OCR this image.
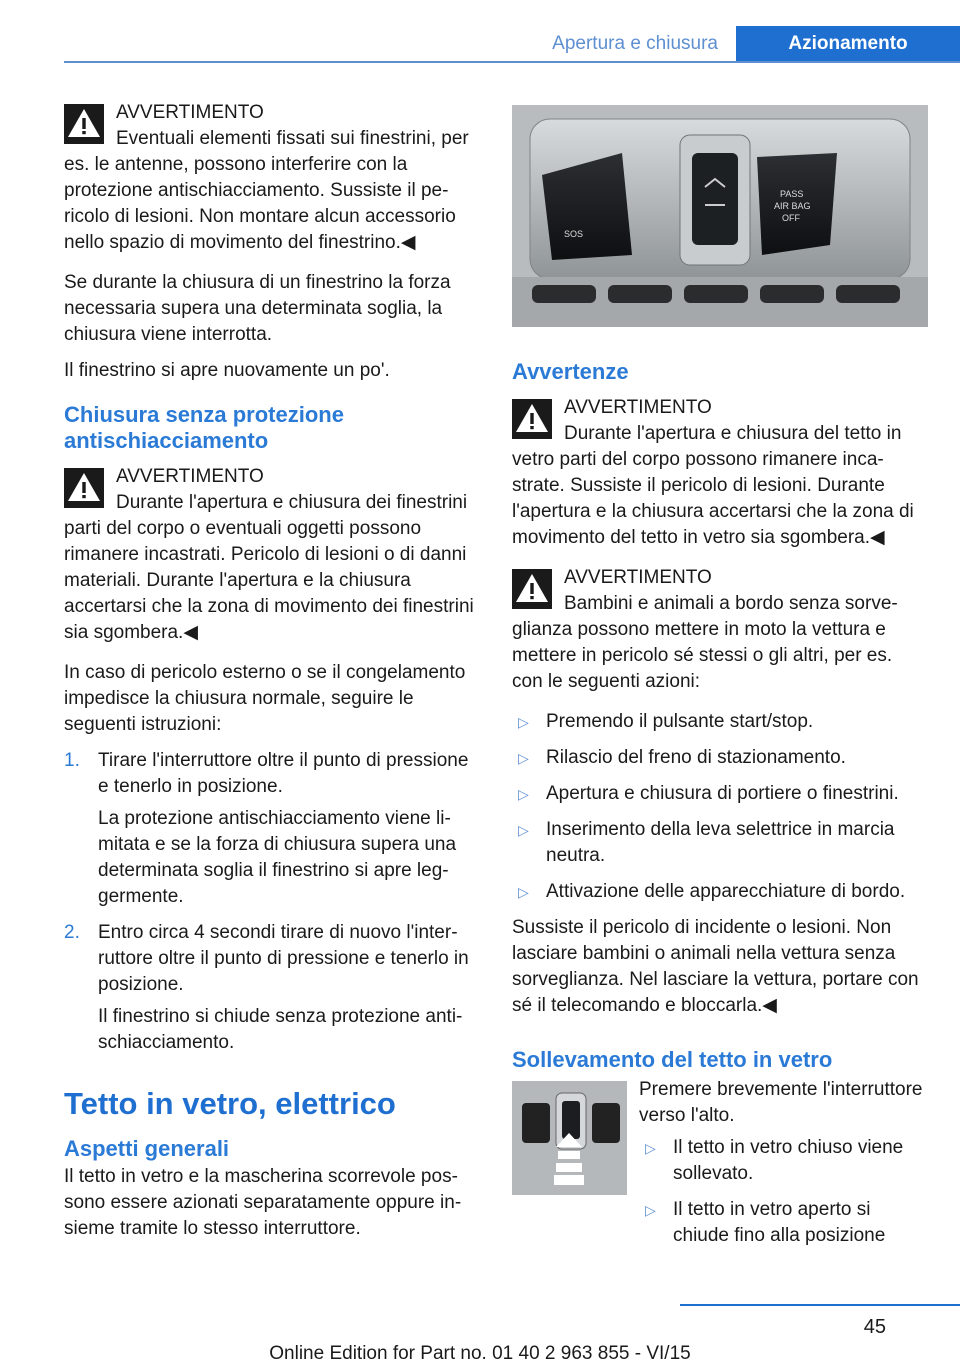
Apertura e chiusura	Azionamento
AVVERTIMENTO
Eventuali elementi fissati sui finestrini, per es. le antenne, possono interferire con la protezione antischiacciamento. Sussiste il pericolo di lesioni. Non montare alcun accessorio nello spazio di movimento del finestrino.◀

Se durante la chiusura di un finestrino la forza necessaria supera una determinata soglia, la chiusura viene interrotta.

Il finestrino si apre nuovamente un po'.

Chiusura senza protezione antischiacciamento
AVVERTIMENTO
Durante l'apertura e chiusura dei finestrini parti del corpo o eventuali oggetti possono rimanere incastrati. Pericolo di lesioni o di danni materiali. Durante l'apertura e la chiusura accertarsi che la zona di movimento dei finestrini sia sgombera.◀

In caso di pericolo esterno o se il congelamento impedisce la chiusura normale, seguire le seguenti istruzioni:

1. Tirare l'interruttore oltre il punto di pressione e tenerlo in posizione.
La protezione antischiacciamento viene limitata e se la forza di chiusura supera una determinata soglia il finestrino si apre leggermente.
2. Entro circa 4 secondi tirare di nuovo l'interruttore oltre il punto di pressione e tenerlo in posizione.
Il finestrino si chiude senza protezione antischiacciamento.
Tetto in vetro, elettrico
Aspetti generali

Il tetto in vetro e la mascherina scorrevole possono essere azionati separatamente oppure insieme tramite lo stesso interruttore.

SOS
PASS
AIR BAG
OFF
Avvertenze
AVVERTIMENTO
Durante l'apertura e chiusura del tetto in vetro parti del corpo possono rimanere incastrate. Sussiste il pericolo di lesioni. Durante l'apertura e la chiusura accertarsi che la zona di movimento del tetto in vetro sia sgombera.◀
AVVERTIMENTO
Bambini e animali a bordo senza sorveglianza possono mettere in moto la vettura e mettere in pericolo sé stessi o gli altri, per es. con le seguenti azioni:
▷ Premendo il pulsante start/stop.
▷ Rilascio del freno di stazionamento.
▷ Apertura e chiusura di portiere o finestrini.
▷ Inserimento della leva selettrice in marcia neutra.
▷ Attivazione delle apparecchiature di bordo.

Sussiste il pericolo di incidente o lesioni. Non lasciare bambini o animali nella vettura senza sorveglianza. Nel lasciare la vettura, portare con sé il telecomando e bloccarla.◀

Sollevamento del tetto in vetro

Premere brevemente l'interruttore verso l'alto.

▷ Il tetto in vetro chiuso viene sollevato.
▷ Il tetto in vetro aperto si chiude fino alla posizione
45
Online Edition for Part no. 01 40 2 963 855 - VI/15
